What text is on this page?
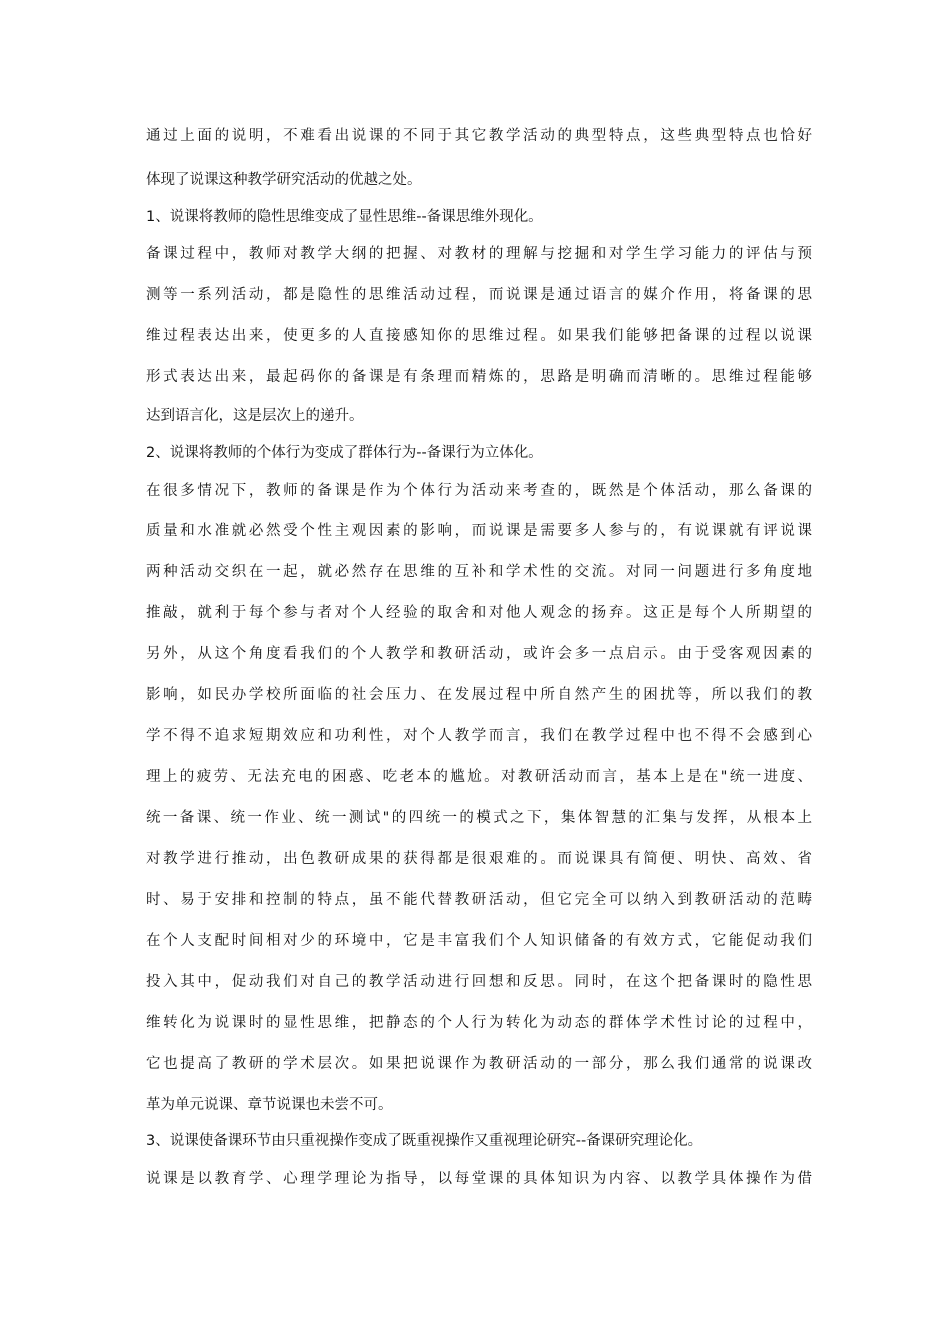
通过上面的说明，不难看出说课的不同于其它教学活动的典型特点，这些典型特点也恰好

体现了说课这种教学研究活动的优越之处。

1、说课将教师的隐性思维变成了显性思维--备课思维外现化。

备课过程中，教师对教学大纲的把握、对教材的理解与挖掘和对学生学习能力的评估与预

测等一系列活动，都是隐性的思维活动过程，而说课是通过语言的媒介作用，将备课的思

维过程表达出来，使更多的人直接感知你的思维过程。如果我们能够把备课的过程以说课

形式表达出来，最起码你的备课是有条理而精炼的，思路是明确而清晰的。思维过程能够

达到语言化，这是层次上的递升。

2、说课将教师的个体行为变成了群体行为--备课行为立体化。

在很多情况下，教师的备课是作为个体行为活动来考查的，既然是个体活动，那么备课的

质量和水准就必然受个性主观因素的影响，而说课是需要多人参与的，有说课就有评说课

两种活动交织在一起，就必然存在思维的互补和学术性的交流。对同一问题进行多角度地

推敲，就利于每个参与者对个人经验的取舍和对他人观念的扬弃。这正是每个人所期望的

另外，从这个角度看我们的个人教学和教研活动，或许会多一点启示。由于受客观因素的

影响，如民办学校所面临的社会压力、在发展过程中所自然产生的困扰等，所以我们的教

学不得不追求短期效应和功利性，对个人教学而言，我们在教学过程中也不得不会感到心

理上的疲劳、无法充电的困惑、吃老本的尴尬。对教研活动而言，基本上是在"统一进度、

统一备课、统一作业、统一测试"的四统一的模式之下，集体智慧的汇集与发挥，从根本上

对教学进行推动，出色教研成果的获得都是很艰难的。而说课具有简便、明快、高效、省

时、易于安排和控制的特点，虽不能代替教研活动，但它完全可以纳入到教研活动的范畴

在个人支配时间相对少的环境中，它是丰富我们个人知识储备的有效方式，它能促动我们

投入其中，促动我们对自己的教学活动进行回想和反思。同时，在这个把备课时的隐性思

维转化为说课时的显性思维，把静态的个人行为转化为动态的群体学术性讨论的过程中，

它也提高了教研的学术层次。如果把说课作为教研活动的一部分，那么我们通常的说课改

革为单元说课、章节说课也未尝不可。

3、说课使备课环节由只重视操作变成了既重视操作又重视理论研究--备课研究理论化。

说课是以教育学、心理学理论为指导，以每堂课的具体知识为内容、以教学具体操作为借
